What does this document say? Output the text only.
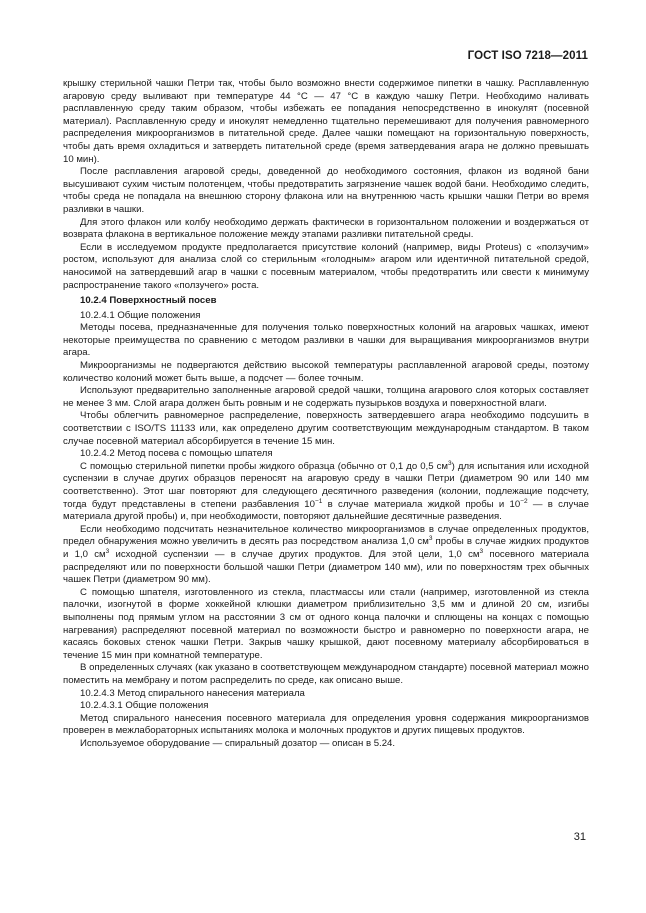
ГОСТ ISO 7218—2011

крышку стерильной чашки Петри так, чтобы было возможно внести содержимое пипетки в чашку. Расплавленную агаровую среду выливают при температуре 44 °С — 47 °С в каждую чашку Петри. Необходимо наливать расплавленную среду таким образом, чтобы избежать ее попадания непосредственно в инокулят (посевной материал). Расплавленную среду и инокулят немедленно тщательно перемешивают для получения равномерного распределения микроорганизмов в питательной среде. Далее чашки помещают на горизонтальную поверхность, чтобы дать время охладиться и затвердеть питательной среде (время затвердевания агара не должно превышать 10 мин).

После расплавления агаровой среды, доведенной до необходимого состояния, флакон из водяной бани высушивают сухим чистым полотенцем, чтобы предотвратить загрязнение чашек водой бани. Необходимо следить, чтобы среда не попадала на внешнюю сторону флакона или на внутреннюю часть крышки чашки Петри во время разливки в чашки.

Для этого флакон или колбу необходимо держать фактически в горизонтальном положении и воздержаться от возврата флакона в вертикальное положение между этапами разливки питательной среды.

Если в исследуемом продукте предполагается присутствие колоний (например, виды Proteus) с «ползучим» ростом, используют для анализа слой со стерильным «голодным» агаром или идентичной питательной средой, наносимой на затвердевший агар в чашки с посевным материалом, чтобы предотвратить или свести к минимуму распространение такого «ползучего» роста.

10.2.4 Поверхностный посев

10.2.4.1 Общие положения

Методы посева, предназначенные для получения только поверхностных колоний на агаровых чашках, имеют некоторые преимущества по сравнению с методом разливки в чашки для выращивания микроорганизмов внутри агара.

Микроорганизмы не подвергаются действию высокой температуры расплавленной агаровой среды, поэтому количество колоний может быть выше, а подсчет — более точным.

Используют предварительно заполненные агаровой средой чашки, толщина агарового слоя которых составляет не менее 3 мм. Слой агара должен быть ровным и не содержать пузырьков воздуха и поверхностной влаги.

Чтобы облегчить равномерное распределение, поверхность затвердевшего агара необходимо подсушить в соответствии с ISO/TS 11133 или, как определено другим соответствующим международным стандартом. В таком случае посевной материал абсорбируется в течение 15 мин.

10.2.4.2 Метод посева с помощью шпателя

С помощью стерильной пипетки пробы жидкого образца (обычно от 0,1 до 0,5 $см^3$) для испытания или исходной суспензии в случае других образцов переносят на агаровую среду в чашки Петри (диаметром 90 или 140 мм соответственно). Этот шаг повторяют для следующего десятичного разведения (колонии, подлежащие подсчету, тогда будут представлены в степени разбавления $10^{-1}$ в случае материала жидкой пробы и $10^{-2}$ — в случае материала другой пробы) и, при необходимости, повторяют дальнейшие десятичные разведения.

Если необходимо подсчитать незначительное количество микроорганизмов в случае определенных продуктов, предел обнаружения можно увеличить в десять раз посредством анализа 1,0 $см^3$ пробы в случае жидких продуктов и 1,0 $см^3$ исходной суспензии — в случае других продуктов. Для этой цели, 1,0 $см^3$ посевного материала распределяют или по поверхности большой чашки Петри (диаметром 140 мм), или по поверхностям трех обычных чашек Петри (диаметром 90 мм).

С помощью шпателя, изготовленного из стекла, пластмассы или стали (например, изготовленной из стекла палочки, изогнутой в форме хоккейной клюшки диаметром приблизительно 3,5 мм и длиной 20 см, изгибы выполнены под прямым углом на расстоянии 3 см от одного конца палочки и сплющены на концах с помощью нагревания) распределяют посевной материал по возможности быстро и равномерно по поверхности агара, не касаясь боковых стенок чашки Петри. Закрыв чашку крышкой, дают посевному материалу абсорбироваться в течение 15 мин при комнатной температуре.

В определенных случаях (как указано в соответствующем международном стандарте) посевной материал можно поместить на мембрану и потом распределить по среде, как описано выше.

10.2.4.3 Метод спирального нанесения материала

10.2.4.3.1 Общие положения

Метод спирального нанесения посевного материала для определения уровня содержания микроорганизмов проверен в межлабораторных испытаниях молока и молочных продуктов и других пищевых продуктов.

Используемое оборудование — спиральный дозатор — описан в 5.24.

31
